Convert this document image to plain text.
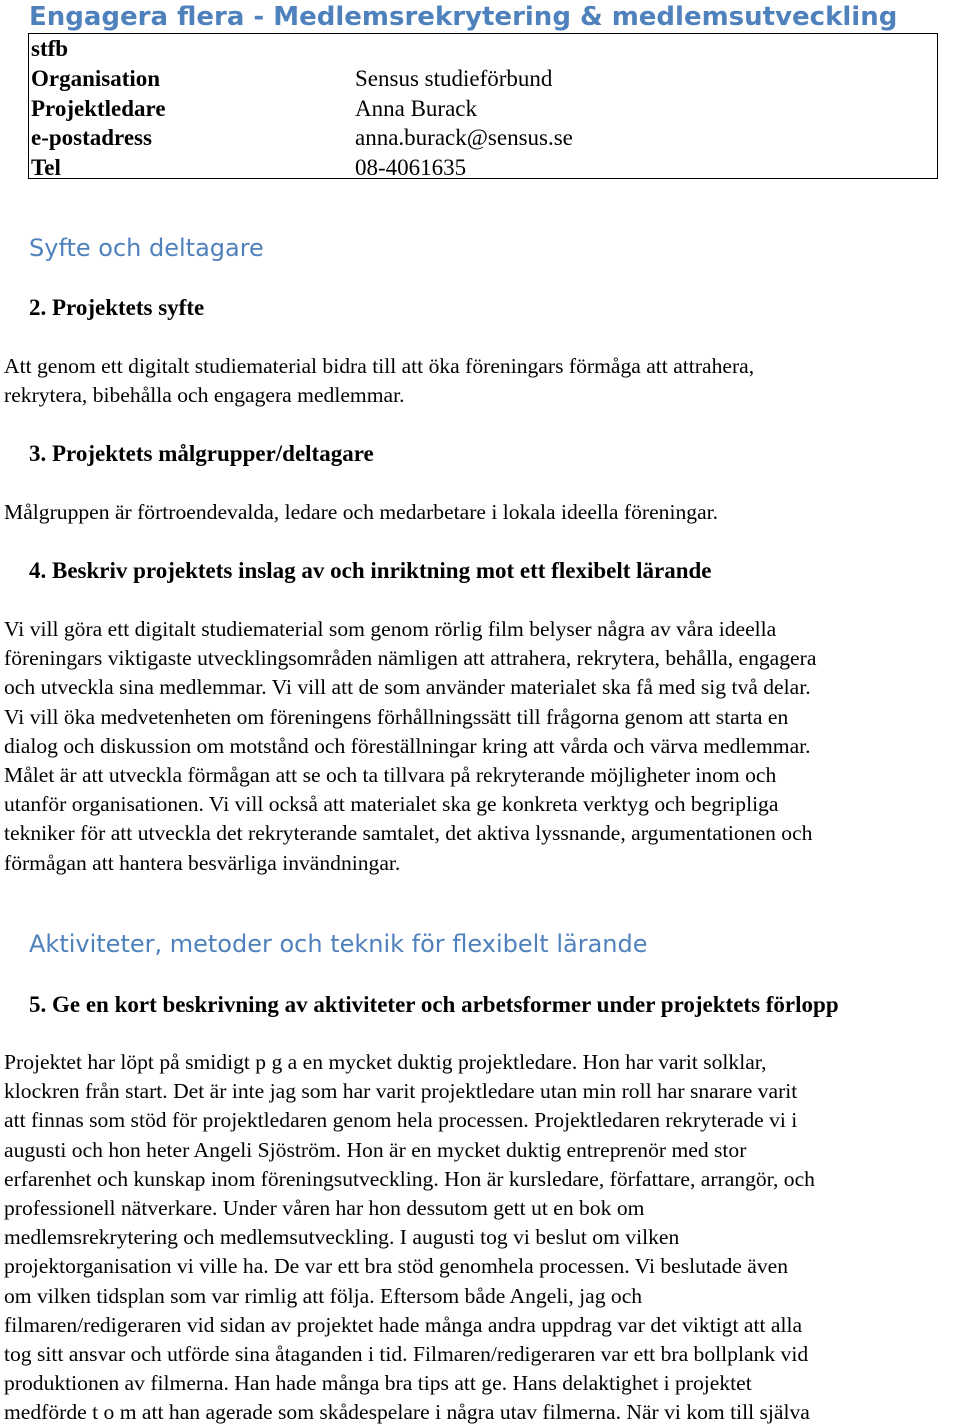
Engagera flera - Medlemsrekrytering & medlemsutveckling
stfb
Organisation	Sensus studieförbund
Projektledare	Anna Burack
e-postadress	anna.burack@sensus.se
Tel	08-4061635
Syfte och deltagare
2. Projektets syfte
Att genom ett digitalt studiematerial bidra till att öka föreningars förmåga att attrahera,
rekrytera, bibehålla och engagera medlemmar.
3. Projektets målgrupper/deltagare
Målgruppen är förtroendevalda, ledare och medarbetare i lokala ideella föreningar.
4. Beskriv projektets inslag av och inriktning mot ett flexibelt lärande
Vi vill göra ett digitalt studiematerial som genom rörlig film belyser några av våra ideella
föreningars viktigaste utvecklingsområden nämligen att attrahera, rekrytera, behålla, engagera
och utveckla sina medlemmar. Vi vill att de som använder materialet ska få med sig två delar.
Vi vill öka medvetenheten om föreningens förhållningssätt till frågorna genom att starta en
dialog och diskussion om motstånd och föreställningar kring att vårda och värva medlemmar.
Målet är att utveckla förmågan att se och ta tillvara på rekryterande möjligheter inom och
utanför organisationen. Vi vill också att materialet ska ge konkreta verktyg och begripliga
tekniker för att utveckla det rekryterande samtalet, det aktiva lyssnande, argumentationen och
förmågan att hantera besvärliga invändningar.
Aktiviteter, metoder och teknik för flexibelt lärande
5. Ge en kort beskrivning av aktiviteter och arbetsformer under projektets förlopp
Projektet har löpt på smidigt p g a en mycket duktig projektledare. Hon har varit solklar,
klockren från start. Det är inte jag som har varit projektledare utan min roll har snarare varit
att finnas som stöd för projektledaren genom hela processen. Projektledaren rekryterade vi i
augusti och hon heter Angeli Sjöström. Hon är en mycket duktig entreprenör med stor
erfarenhet och kunskap inom föreningsutveckling. Hon är kursledare, författare, arrangör, och
professionell nätverkare. Under våren har hon dessutom gett ut en bok om
medlemsrekrytering och medlemsutveckling. I augusti tog vi beslut om vilken
projektorganisation vi ville ha. De var ett bra stöd genomhela processen. Vi beslutade även
om vilken tidsplan som var rimlig att följa. Eftersom både Angeli, jag och
filmaren/redigeraren vid sidan av projektet hade många andra uppdrag var det viktigt att alla
tog sitt ansvar och utförde sina åtaganden i tid. Filmaren/redigeraren var ett bra bollplank vid
produktionen av filmerna. Han hade många bra tips att ge. Hans delaktighet i projektet
medförde t o m att han agerade som skådespelare i några utav filmerna. När vi kom till själva
